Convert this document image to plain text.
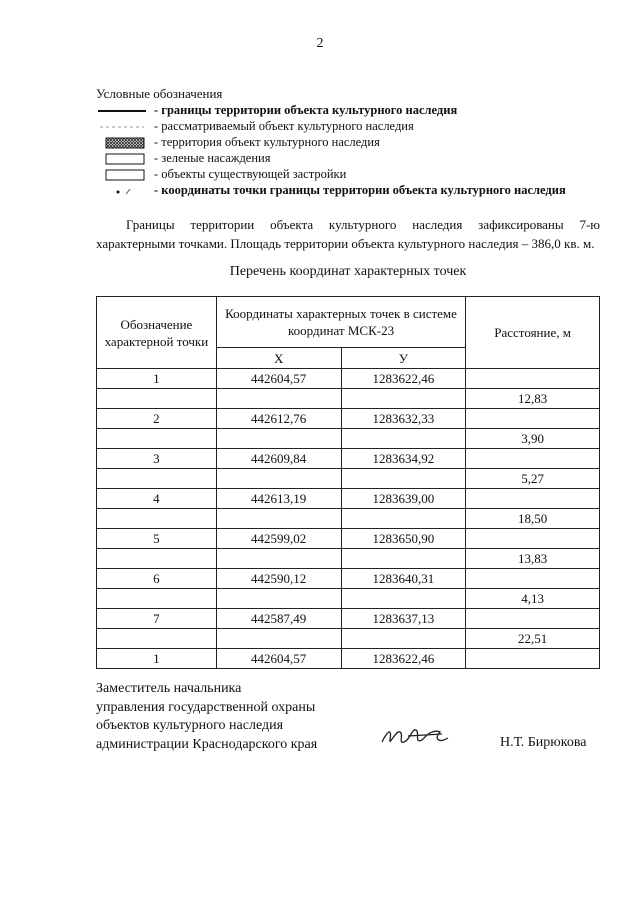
2
Условные обозначения
- границы территории объекта культурного наследия
- рассматриваемый объект культурного наследия
- территория объект культурного наследия
- зеленые насаждения
- объекты существующей застройки
- координаты точки границы территории объекта культурного наследия
Границы территории объекта культурного наследия зафиксированы 7-ю характерными точками. Площадь территории объекта культурного наследия – 386,0 кв. м.
Перечень координат характерных точек
Обозначение характерной точки	Координаты характерных точек в системе координат МСК-23		Расстояние, м
	Х	У	
1	442604,57	1283622,46	
			12,83
2	442612,76	1283632,33	
			3,90
3	442609,84	1283634,92	
			5,27
4	442613,19	1283639,00	
			18,50
5	442599,02	1283650,90	
			13,83
6	442590,12	1283640,31	
			4,13
7	442587,49	1283637,13	
			22,51
1	442604,57	1283622,46	
Заместитель начальника
управления государственной охраны
объектов культурного наследия
администрации Краснодарского края	Н.Т. Бирюкова
